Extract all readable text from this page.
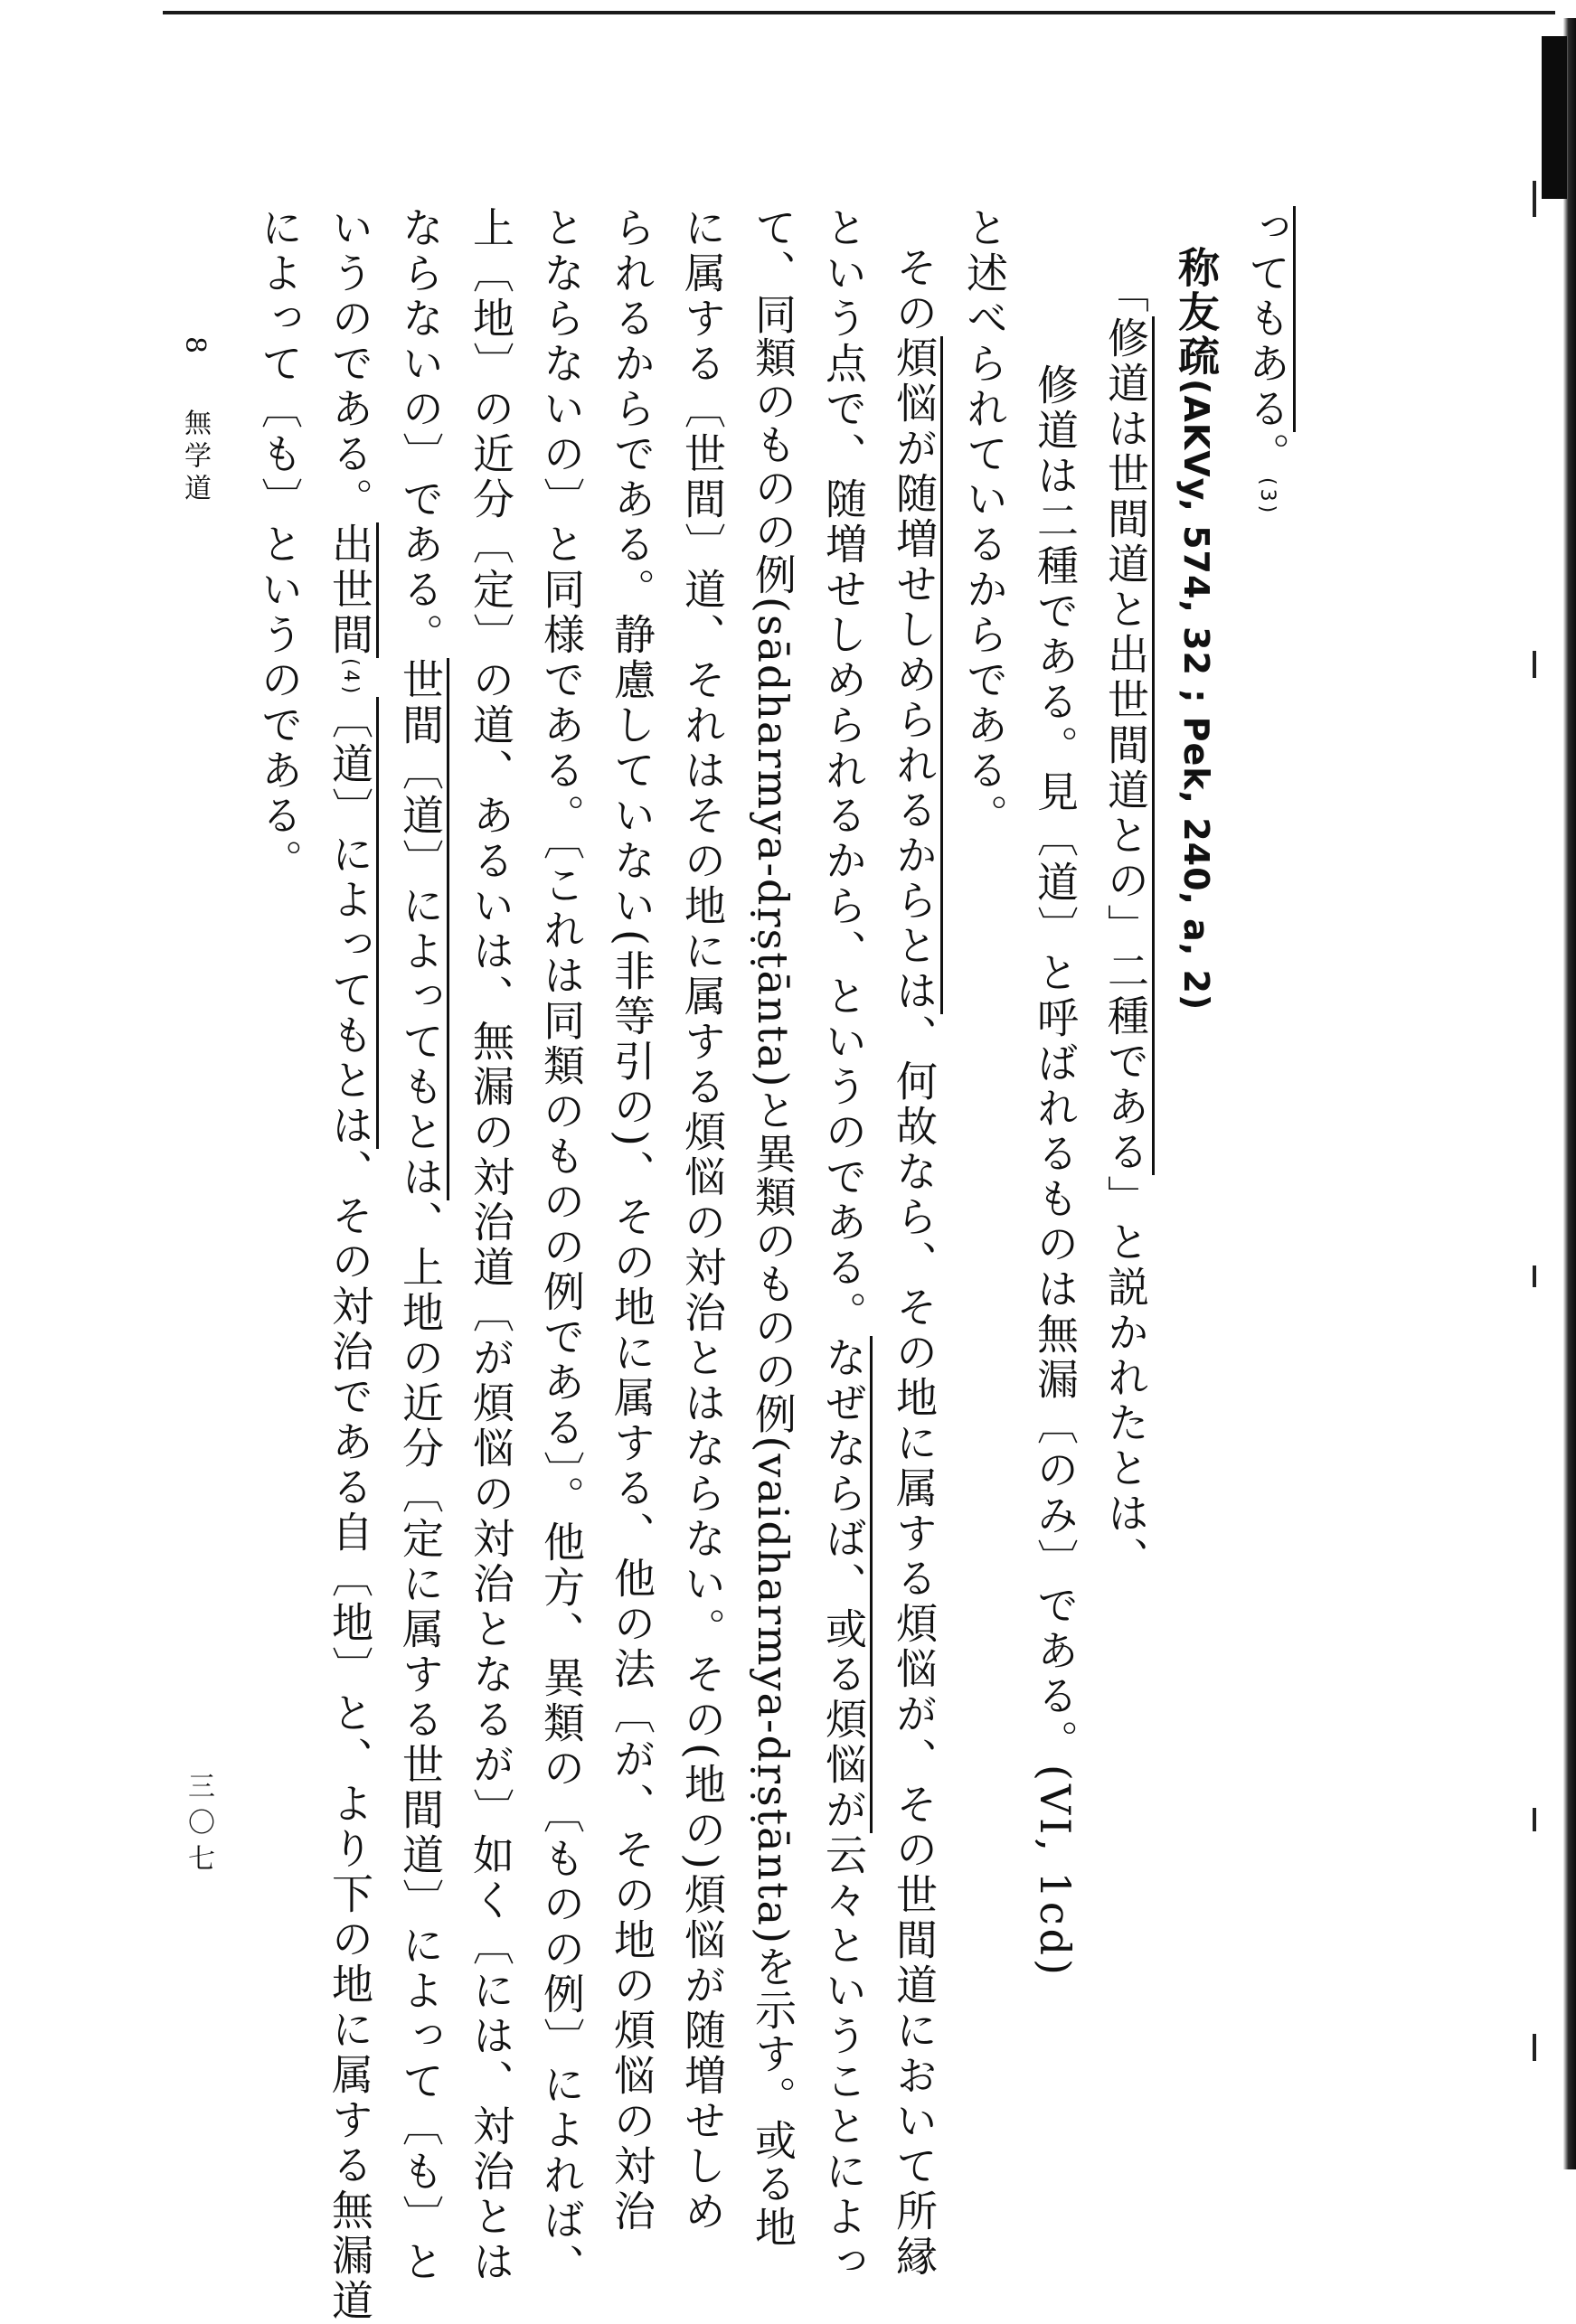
ってもある。(3)
称友疏(AKVy, 574, 32 ; Pek, 240, a, 2)
「修道は世間道と出世間道との」二種である」と説かれたとは、
修道は二種である。見〔道〕と呼ばれるものは無漏〔のみ〕である。(VI, 1cd)
と述べられているからである。
その煩悩が随増せしめられるからとは、何故なら、その地に属する煩悩が、その世間道において所縁
という点で、随増せしめられるから、というのである。なぜならば、或る煩悩が云々ということによっ
て、同類のものの例(sādharmya-dṛṣṭānta)と異類のものの例(vaidharmya-dṛṣṭānta)を示す。或る地
に属する〔世間〕道、それはその地に属する煩悩の対治とはならない。その(地の)煩悩が随増せしめ
られるからである。静慮していない(非等引の)、その地に属する、他の法〔が、その地の煩悩の対治
とならないの〕と同様である。〔これは同類のものの例である〕。他方、異類の〔ものの例〕によれば、
上〔地〕の近分〔定〕の道、あるいは、無漏の対治道〔が煩悩の対治となるが〕如く〔には、対治とは
ならないの〕である。世間〔道〕によってもとは、上地の近分〔定に属する世間道〕によって〔も〕と
いうのである。出世間(4)〔道〕によってもとは、その対治である自〔地〕と、より下の地に属する無漏道
によって〔も〕というのである。
8  無学道
三〇七
